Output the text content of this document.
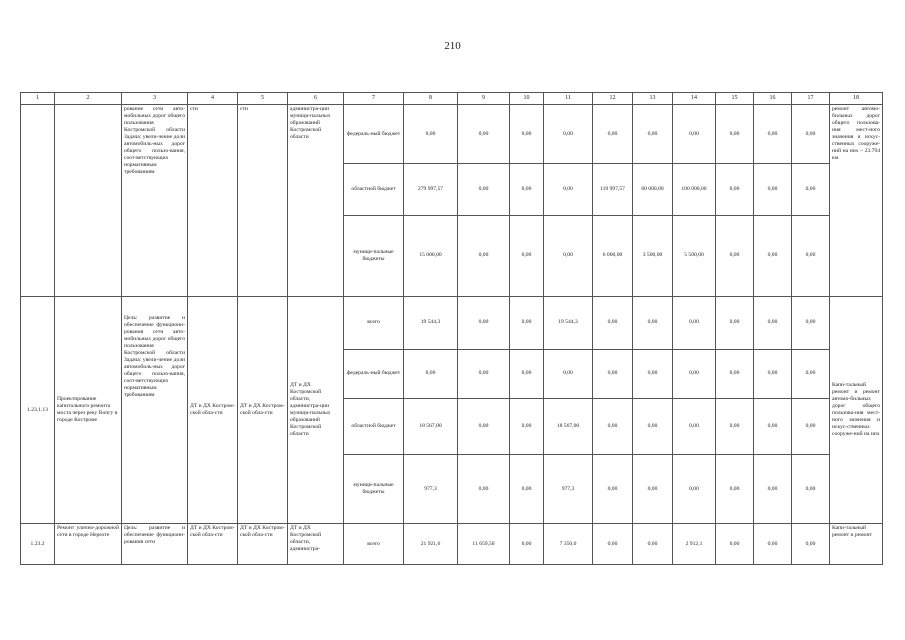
210
1	2	3	4	5	6	7	8	9	10	11	12	13	14	15	16	17	18
		рование сети авто-мобильных дорог общего пользования Костромской области Задача: увели-чение доли автомобиль-ных дорог общего пользо-вания, соот-ветствующих нормативным требованиям	сти	сти	администра-ции муници-пальных образований Костромской области	федераль-ный бюджет	0,00	0,00	0,00	0,00	0,00	0,00	0,00	0,00	0,00	0,00	ремонт автомо-бильных дорог общего пользова-ния мест-ного значения и искус-ственных сооруже-ний на них – 23.794 км
						областной бюджет	279 997,57	0,00	0,00	0,00	119 997,57	60 000,00	100 000,00	0,00	0,00	0,00	
						муници-пальные бюджеты	15 000,00	0,00	0,00	0,00	6 000,00	3 500,00	5 500,00	0,00	0,00	0,00	
1.23.1.13	Проектирование капитального ремонта моста через реку Вопгу в городе Костроме	Цель: развитие и обеспечение функциони-рования сети авто-мобильных дорог общего пользования Костромской области Задача: увели-чение доли автомобиль-ных дорог общего пользо-вания, соот-ветствующих нормативным требованиям	ДТ и ДХ Костром-ской обла-сти	ДТ и ДХ Костром-ской обла-сти	ДТ и ДХ Костромской области, администра-ции муници-пальных образований Костромской области	всего	19 544,3	0,00	0,00	19 544,3	0,00	0,00	0,00	0,00	0,00	0,00	Капи-тальный ремонт и ремонт автомо-бильных дорог общего пользова-ния мест-ного значения и искус-ственных сооруже-ний на них
						федераль-ный бюджет	0,00	0,00	0,00	0,00	0,00	0,00	0,00	0,00	0,00	0,00	
						областной бюджет	18 567,00	0,00	0,00	18 567,00	0,00	0,00	0,00	0,00	0,00	0,00	
						муници-пальные бюджеты	977,3	0,00	0,00	977,3	0,00	0,00	0,00	0,00	0,00	0,00	
1.23.2	Ремонт улично-дорожной сети в городе Нерехте	Цель: развитие и обеспечение функциони-рования сети	ДТ и ДХ Костром-ской обла-сти	ДТ и ДХ Костром-ской обла-сти	ДТ и ДХ Костромской области, администра-	всего	21 921,6	11 659,50	0,00	7 350,0	0,00	0,00	2 912,1	0,00	0,00	0,00	Капи-тальный ремонт и ремонт
